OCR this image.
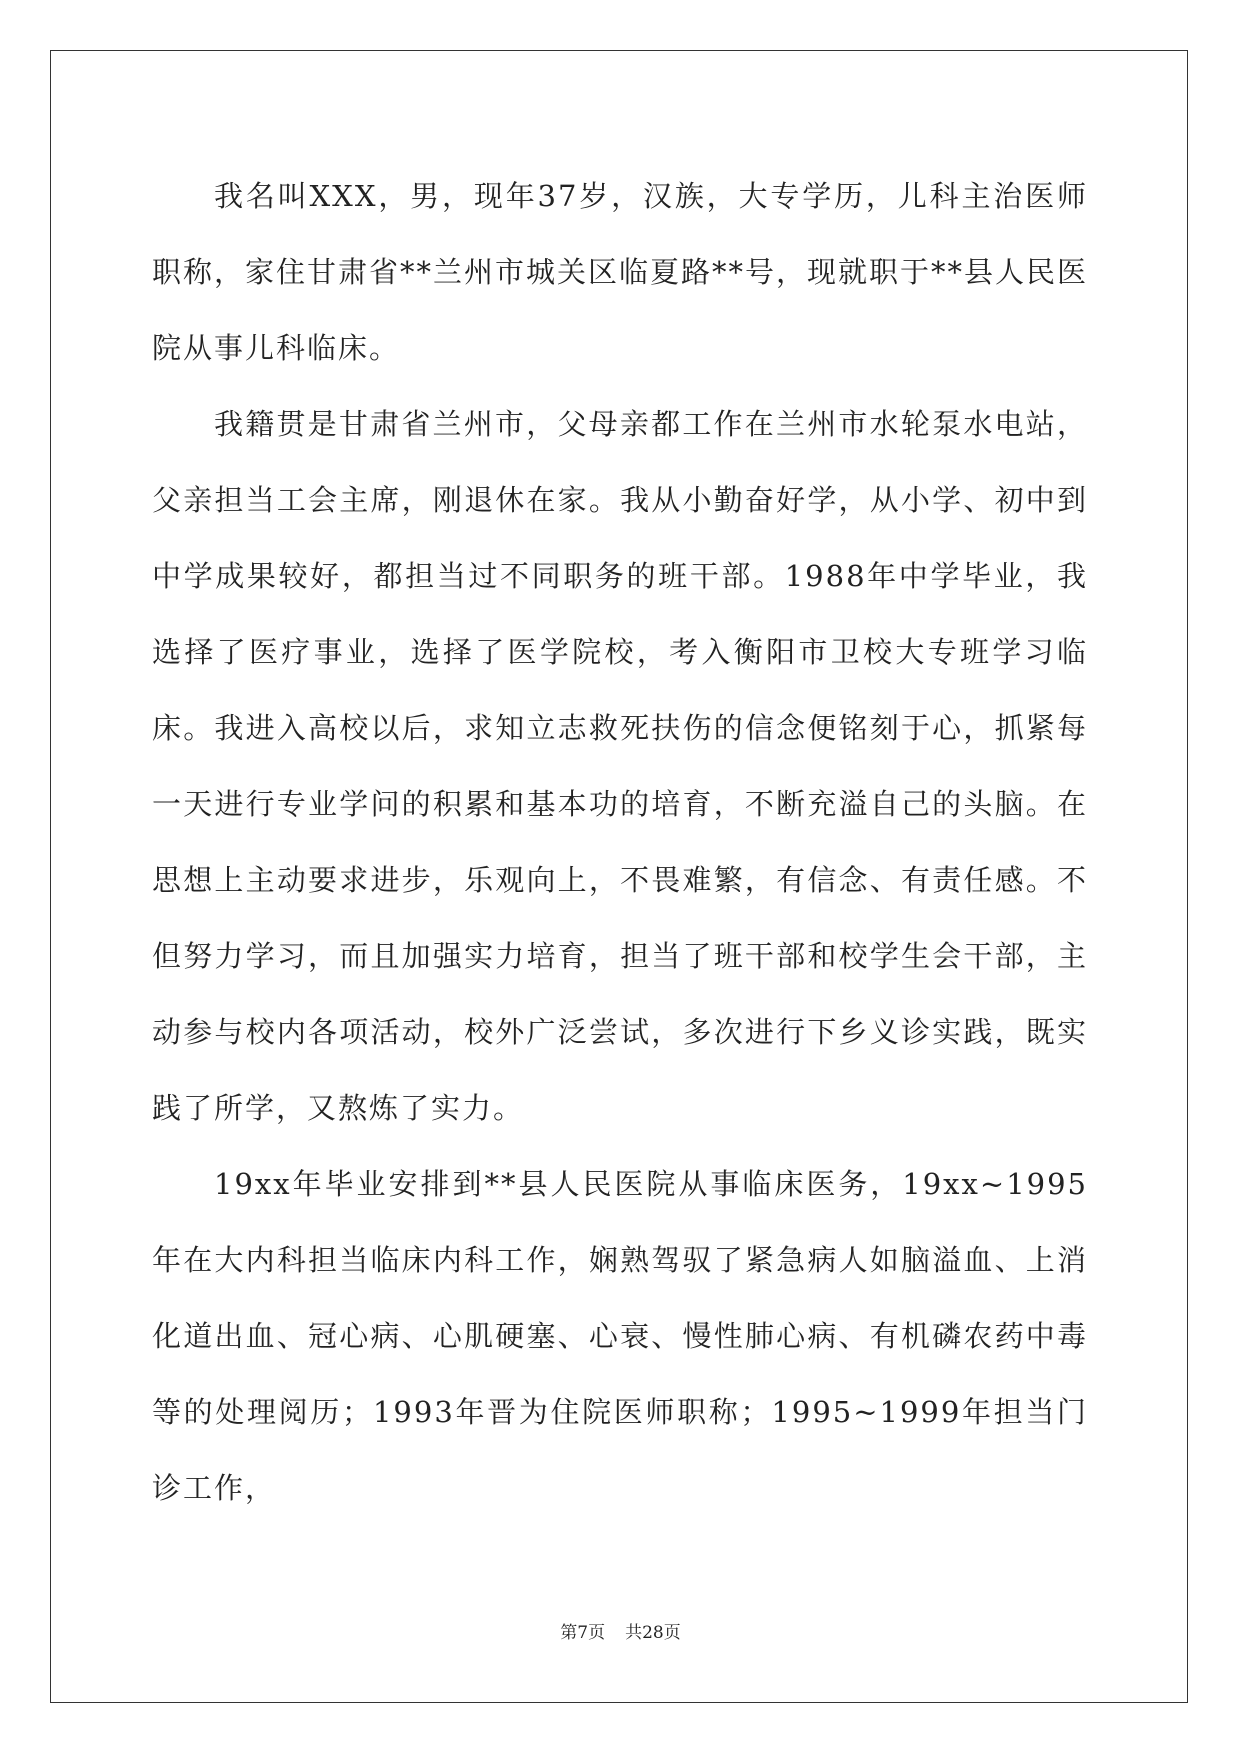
我名叫XXX，男，现年37岁，汉族，大专学历，儿科主治医师职称，家住甘肃省**兰州市城关区临夏路**号，现就职于**县人民医院从事儿科临床。

我籍贯是甘肃省兰州市，父母亲都工作在兰州市水轮泵水电站，父亲担当工会主席，刚退休在家。我从小勤奋好学，从小学、初中到中学成果较好，都担当过不同职务的班干部。1988年中学毕业，我选择了医疗事业，选择了医学院校，考入衡阳市卫校大专班学习临床。我进入高校以后，求知立志救死扶伤的信念便铭刻于心，抓紧每一天进行专业学问的积累和基本功的培育，不断充溢自己的头脑。在思想上主动要求进步，乐观向上，不畏难繁，有信念、有责任感。不但努力学习，而且加强实力培育，担当了班干部和校学生会干部，主动参与校内各项活动，校外广泛尝试，多次进行下乡义诊实践，既实践了所学，又熬炼了实力。

19xx年毕业安排到**县人民医院从事临床医务，19xx~1995年在大内科担当临床内科工作，娴熟驾驭了紧急病人如脑溢血、上消化道出血、冠心病、心肌硬塞、心衰、慢性肺心病、有机磷农药中毒等的处理阅历；1993年晋为住院医师职称；1995~1999年担当门诊工作，

第7页 共28页
